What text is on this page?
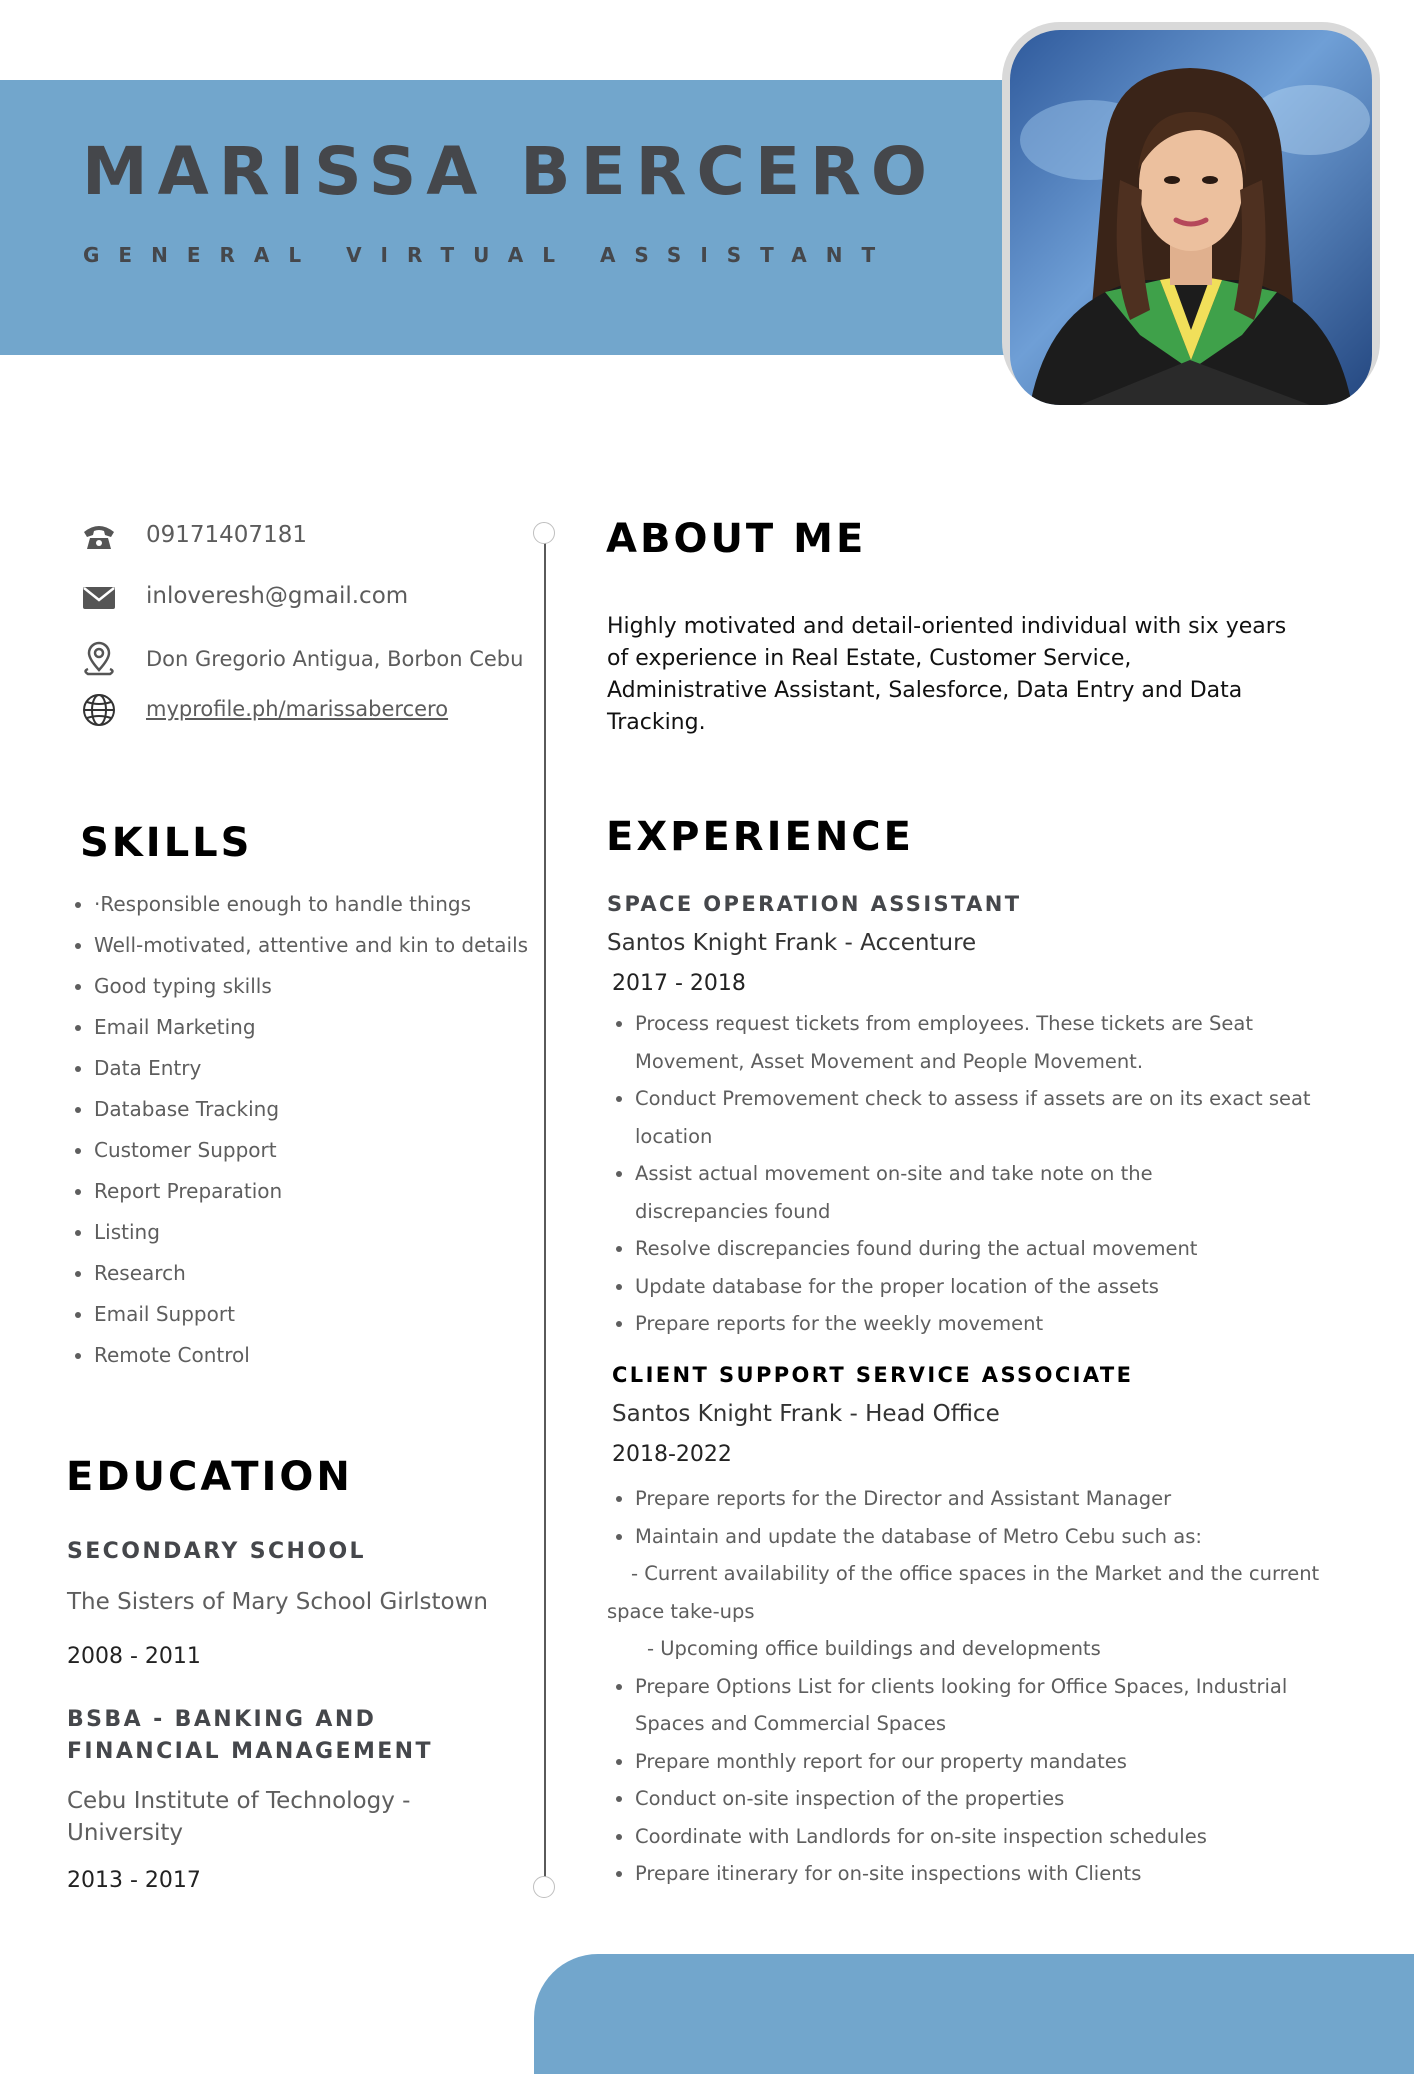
MARISSA BERCERO

GENERAL VIRTUAL ASSISTANT

09171407181
inloveresh@gmail.com
Don Gregorio Antigua, Borbon Cebu
myprofile.ph/marissabercero
SKILLS
• ·Responsible enough to handle things
• Well-motivated, attentive and kin to details
• Good typing skills
• Email Marketing
• Data Entry
• Database Tracking
• Customer Support
• Report Preparation
• Listing
• Research
• Email Support
• Remote Control
EDUCATION
SECONDARY SCHOOL
The Sisters of Mary School Girlstown
2008 - 2011
BSBA - BANKING AND FINANCIAL MANAGEMENT
Cebu Institute of Technology - University
2013 - 2017
ABOUT ME

Highly motivated and detail-oriented individual with six years of experience in Real Estate, Customer Service, Administrative Assistant, Salesforce, Data Entry and Data Tracking.

EXPERIENCE
SPACE OPERATION ASSISTANT
Santos Knight Frank - Accenture
2017 - 2018
• Process request tickets from employees. These tickets are Seat Movement, Asset Movement and People Movement.
• Conduct Premovement check to assess if assets are on its exact seat location
• Assist actual movement on-site and take note on the discrepancies found
• Resolve discrepancies found during the actual movement
• Update database for the proper location of the assets
• Prepare reports for the weekly movement
CLIENT SUPPORT SERVICE ASSOCIATE
Santos Knight Frank - Head Office
2018-2022
• Prepare reports for the Director and Assistant Manager
• Maintain and update the database of Metro Cebu such as:
- Current availability of the office spaces in the Market and the current space take-ups
- Upcoming office buildings and developments
• Prepare Options List for clients looking for Office Spaces, Industrial Spaces and Commercial Spaces
• Prepare monthly report for our property mandates
• Conduct on-site inspection of the properties
• Coordinate with Landlords for on-site inspection schedules
• Prepare itinerary for on-site inspections with Clients
